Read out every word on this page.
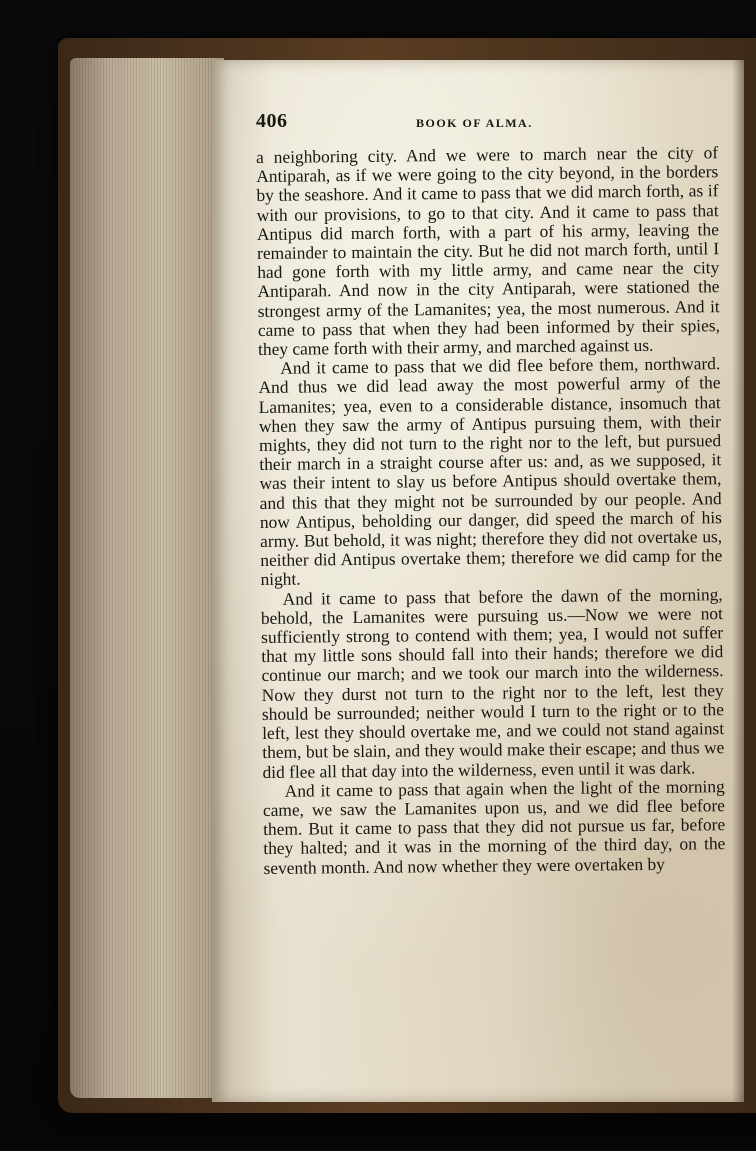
406	BOOK OF ALMA.

a neighboring city. And we were to march near the city of Antiparah, as if we were going to the city beyond, in the borders by the seashore. And it came to pass that we did march forth, as if with our provisions, to go to that city. And it came to pass that Antipus did march forth, with a part of his army, leaving the remainder to maintain the city. But he did not march forth, until I had gone forth with my little army, and came near the city Antiparah. And now in the city Antiparah, were stationed the strongest army of the Lamanites; yea, the most numerous. And it came to pass that when they had been informed by their spies, they came forth with their army, and marched against us.

And it came to pass that we did flee before them, northward. And thus we did lead away the most powerful army of the Lamanites; yea, even to a considerable distance, insomuch that when they saw the army of Antipus pursuing them, with their mights, they did not turn to the right nor to the left, but pursued their march in a straight course after us: and, as we supposed, it was their intent to slay us before Antipus should overtake them, and this that they might not be surrounded by our people. And now Antipus, beholding our danger, did speed the march of his army. But behold, it was night; therefore they did not overtake us, neither did Antipus overtake them; therefore we did camp for the night.

And it came to pass that before the dawn of the morning, behold, the Lamanites were pursuing us.—Now we were not sufficiently strong to contend with them; yea, I would not suffer that my little sons should fall into their hands; therefore we did continue our march; and we took our march into the wilderness. Now they durst not turn to the right nor to the left, lest they should be surrounded; neither would I turn to the right or to the left, lest they should overtake me, and we could not stand against them, but be slain, and they would make their escape; and thus we did flee all that day into the wilderness, even until it was dark.

And it came to pass that again when the light of the morning came, we saw the Lamanites upon us, and we did flee before them. But it came to pass that they did not pursue us far, before they halted; and it was in the morning of the third day, on the seventh month. And now whether they were overtaken by
